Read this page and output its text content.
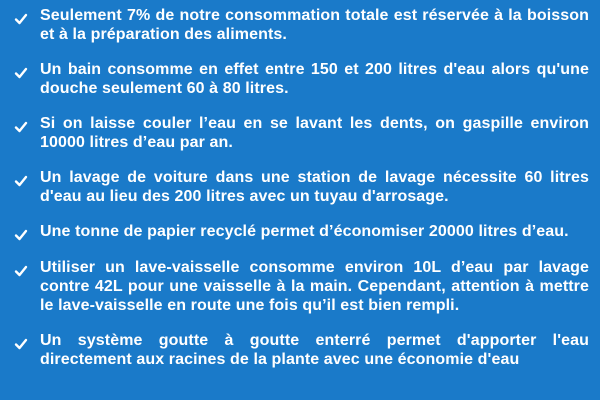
Seulement 7% de notre consommation totale est réservée à la boisson et à la préparation des aliments.
Un bain consomme en effet entre 150 et 200 litres d'eau alors qu'une douche seulement 60 à 80 litres.
Si on laisse couler l’eau en se lavant les dents, on gaspille environ 10000 litres d’eau par an.
Un lavage de voiture dans une station de lavage nécessite 60 litres d'eau au lieu des 200 litres avec un tuyau d'arrosage.
Une tonne de papier recyclé permet d’économiser 20000 litres d’eau.
Utiliser un lave-vaisselle consomme environ 10L d’eau par lavage contre 42L pour une vaisselle à la main. Cependant, attention à mettre le lave-vaisselle en route une fois qu’il est bien rempli.
Un système goutte à goutte enterré permet d'apporter l'eau directement aux racines de la plante avec une économie d'eau
